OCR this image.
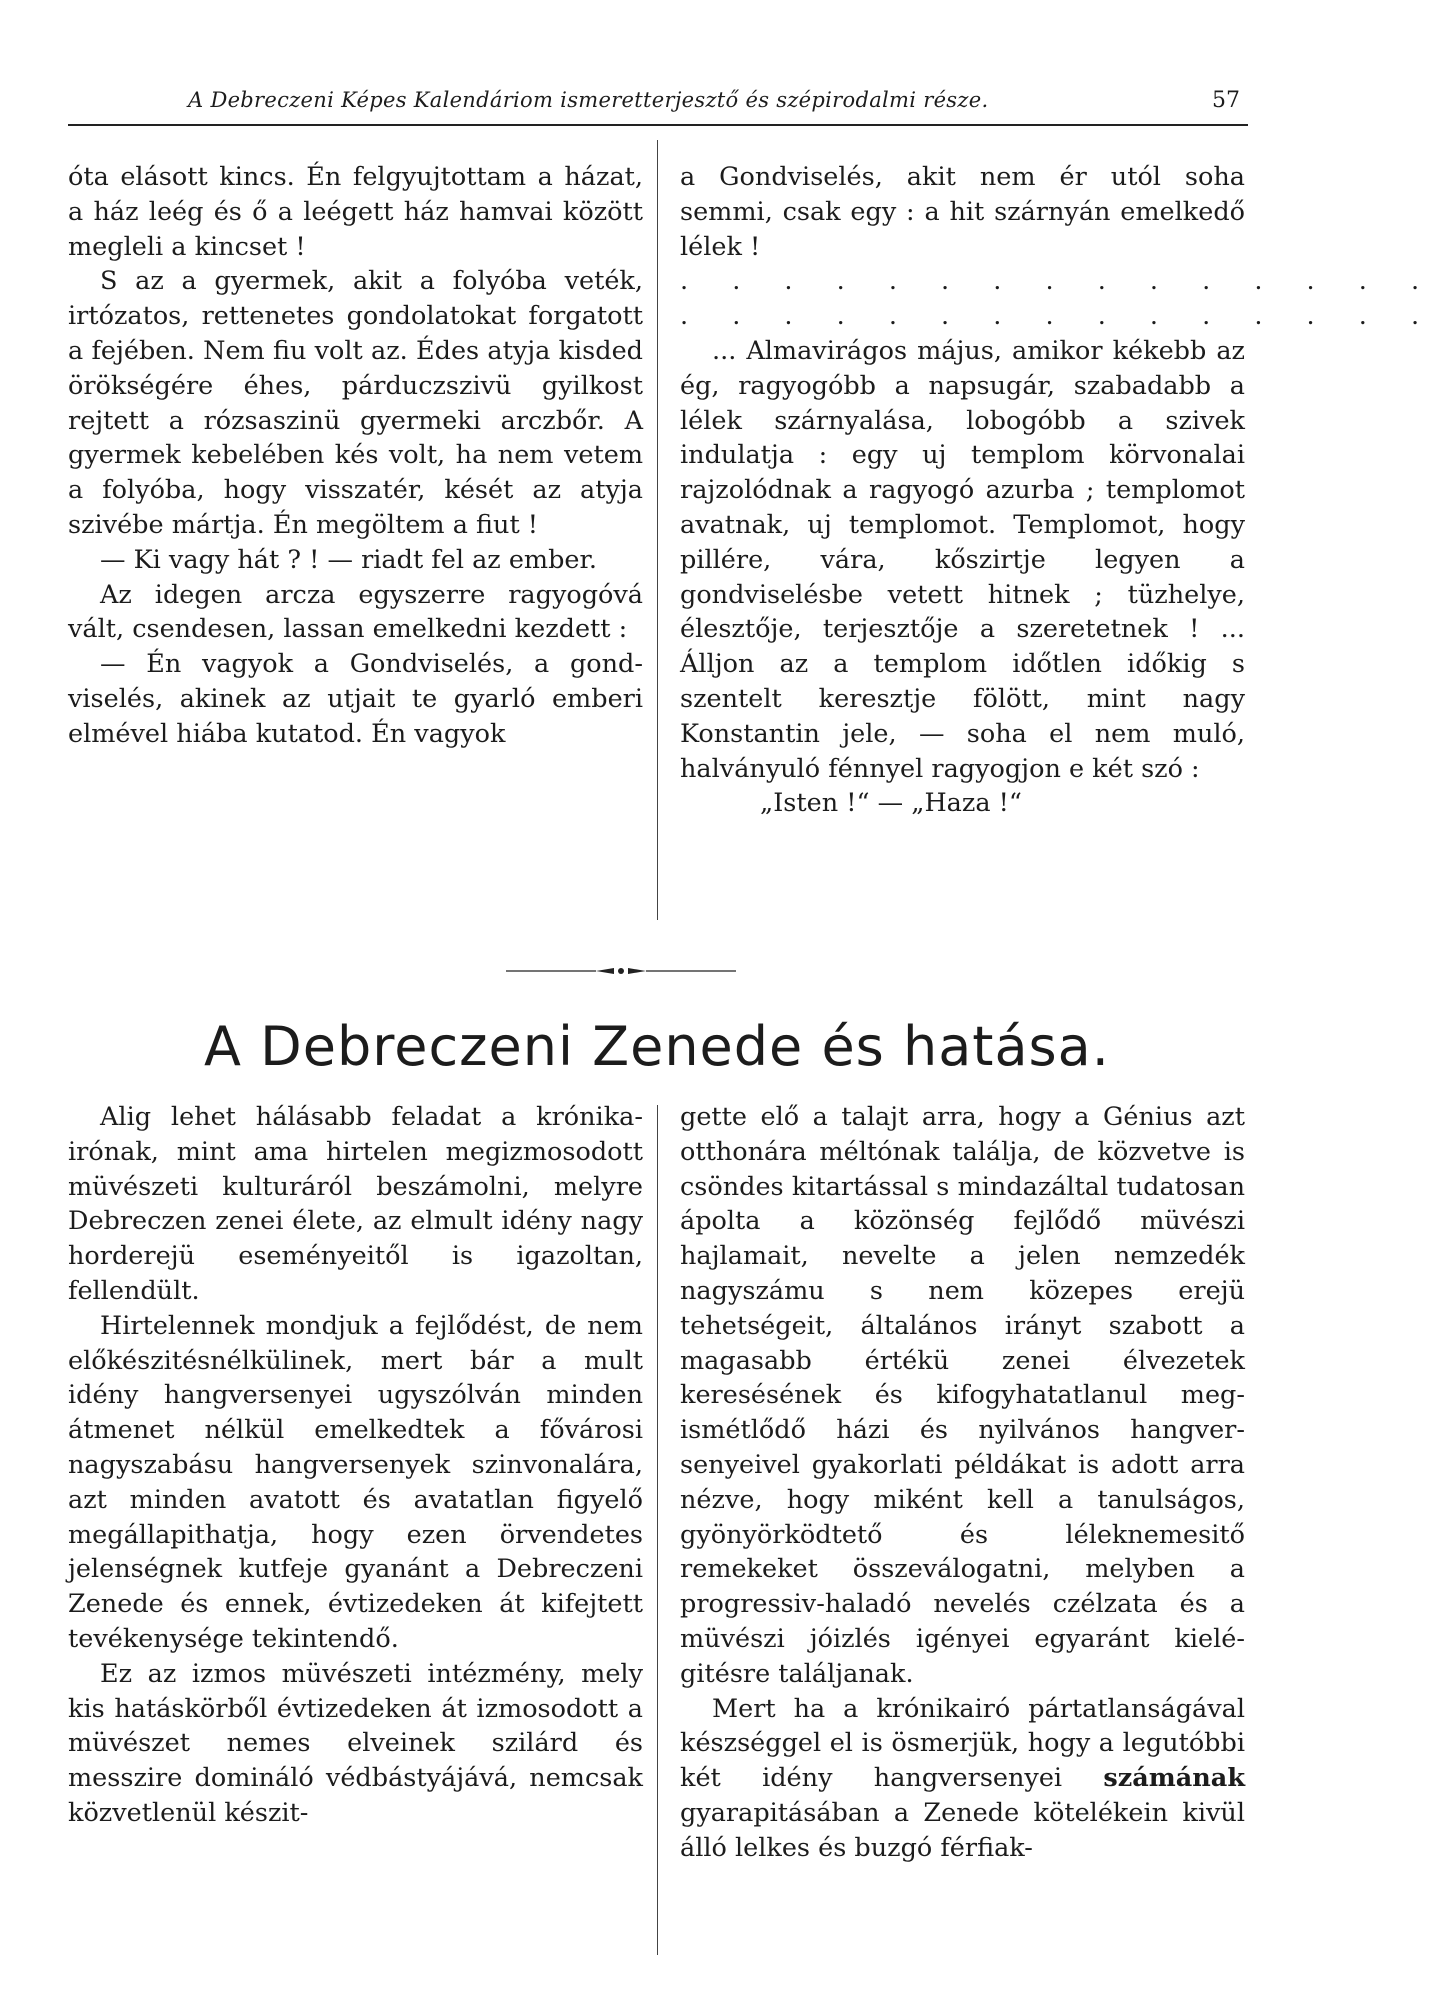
A Debreczeni Képes Kalendáriom ismeretterjesztő és szépirodalmi része.	57

óta elásott kincs. Én felgyujtottam a házat, a ház leég és ő a leégett ház hamvai között megleli a kincset !

S az a gyermek, akit a folyóba veték, irtózatos, rettenetes gondolatokat forgatott a fejében. Nem fiu volt az. Édes atyja kisded örökségére éhes, párduczszivü gyilkost rejtett a rózsaszinü gyermeki arczbőr. A gyermek kebelében kés volt, ha nem vetem a folyóba, hogy visszatér, kését az atyja szivébe mártja. Én megöltem a fiut !

— Ki vagy hát ? ! — riadt fel az ember.

Az idegen arcza egyszerre ragyogóvá vált, csendesen, lassan emelkedni kezdett :

— Én vagyok a Gondviselés, a gondviselés, akinek az utjait te gyarló emberi elmével hiába kutatod. Én vagyok

a Gondviselés, akit nem ér utól soha semmi, csak egy : a hit szárnyán emelkedő lélek !

. . . . . . . . . . . . . . .

. . . . . . . . . . . . . . .

... Almavirágos május, amikor kékebb az ég, ragyogóbb a napsugár, szabadabb a lélek szárnyalása, lobogóbb a szivek indulatja : egy uj templom körvonalai rajzolódnak a ragyogó azurba ; templomot avatnak, uj templomot. Templomot, hogy pillére, vára, kőszirtje legyen a gondviselésbe vetett hitnek ; tüzhelye, élesztője, terjesztője a szeretetnek ! ... Álljon az a templom időtlen időkig s szentelt keresztje fölött, mint nagy Konstantin jele, — soha el nem muló, halványuló fénnyel ragyogjon e két szó :

„Isten !“ — „Haza !“

A Debreczeni Zenede és hatása.

Alig lehet hálásabb feladat a krónikairónak, mint ama hirtelen megizmosodott müvészeti kulturáról beszámolni, melyre Debreczen zenei élete, az elmult idény nagy horderejü eseményeitől is igazoltan, fellendült.

Hirtelennek mondjuk a fejlődést, de nem előkészitésnélkülinek, mert bár a mult idény hangversenyei ugyszólván minden átmenet nélkül emelkedtek a fővárosi nagyszabásu hangversenyek szinvonalára, azt minden avatott és avatatlan figyelő megállapithatja, hogy ezen örvendetes jelenségnek kutfeje gyanánt a Debreczeni Zenede és ennek, évtizedeken át kifejtett tevékenysége tekintendő.

Ez az izmos müvészeti intézmény, mely kis hatáskörből évtizedeken át izmosodott a müvészet nemes elveinek szilárd és messzire domináló védbástyájává, nemcsak közvetlenül készit-

gette elő a talajt arra, hogy a Génius azt otthonára méltónak találja, de közvetve is csöndes kitartással s mindazáltal tudatosan ápolta a közönség fejlődő müvészi hajlamait, nevelte a jelen nemzedék nagyszámu s nem közepes erejü tehetségeit, általános irányt szabott a magasabb értékü zenei élvezetek keresésének és kifogyhatatlanul megismétlődő házi és nyilvános hangversenyeivel gyakorlati példákat is adott arra nézve, hogy miként kell a tanulságos, gyönyörködtető és léleknemesitő remekeket összeválogatni, melyben a progressiv-haladó nevelés czélzata és a müvészi jóizlés igényei egyaránt kielégitésre találjanak.

Mert ha a krónikairó pártatlanságával készséggel el is ösmerjük, hogy a legutóbbi két idény hangversenyei számának gyarapitásában a Zenede kötelékein kivül álló lelkes és buzgó férfiak-
